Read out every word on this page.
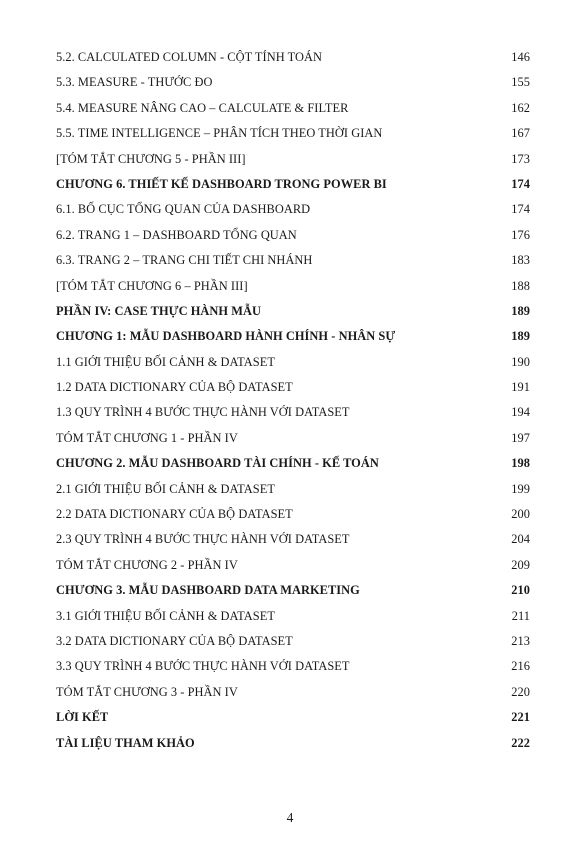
5.2. CALCULATED COLUMN - CỘT TÍNH TOÁN	146
5.3. MEASURE - THƯỚC ĐO	155
5.4. MEASURE NÂNG CAO – CALCULATE & FILTER	162
5.5. TIME INTELLIGENCE – PHÂN TÍCH THEO THỜI GIAN	167
[TÓM TẮT CHƯƠNG 5 - PHẦN III]	173
CHƯƠNG 6. THIẾT KẾ DASHBOARD TRONG POWER BI	174
6.1. BỐ CỤC TỔNG QUAN CỦA DASHBOARD	174
6.2. TRANG 1 – DASHBOARD TỔNG QUAN	176
6.3. TRANG 2 – TRANG CHI TIẾT CHI NHÁNH	183
[TÓM TẮT CHƯƠNG 6 – PHẦN III]	188
PHẦN IV: CASE THỰC HÀNH MẪU	189
CHƯƠNG 1: MẪU DASHBOARD HÀNH CHÍNH - NHÂN SỰ	189
1.1 GIỚI THIỆU BỐI CẢNH & DATASET	190
1.2 DATA DICTIONARY CỦA BỘ DATASET	191
1.3 QUY TRÌNH 4 BƯỚC THỰC HÀNH VỚI DATASET	194
TÓM TẮT CHƯƠNG 1 - PHẦN IV	197
CHƯƠNG 2. MẪU DASHBOARD TÀI CHÍNH - KẾ TOÁN	198
2.1 GIỚI THIỆU BỐI CẢNH & DATASET	199
2.2 DATA DICTIONARY CỦA BỘ DATASET	200
2.3 QUY TRÌNH 4 BƯỚC THỰC HÀNH VỚI DATASET	204
TÓM TẮT CHƯƠNG 2 - PHẦN IV	209
CHƯƠNG 3. MẪU DASHBOARD DATA MARKETING	210
3.1 GIỚI THIỆU BỐI CẢNH & DATASET	211
3.2 DATA DICTIONARY CỦA BỘ DATASET	213
3.3 QUY TRÌNH 4 BƯỚC THỰC HÀNH VỚI DATASET	216
TÓM TẮT CHƯƠNG 3 - PHẦN IV	220
LỜI KẾT	221
TÀI LIỆU THAM KHẢO	222
4
